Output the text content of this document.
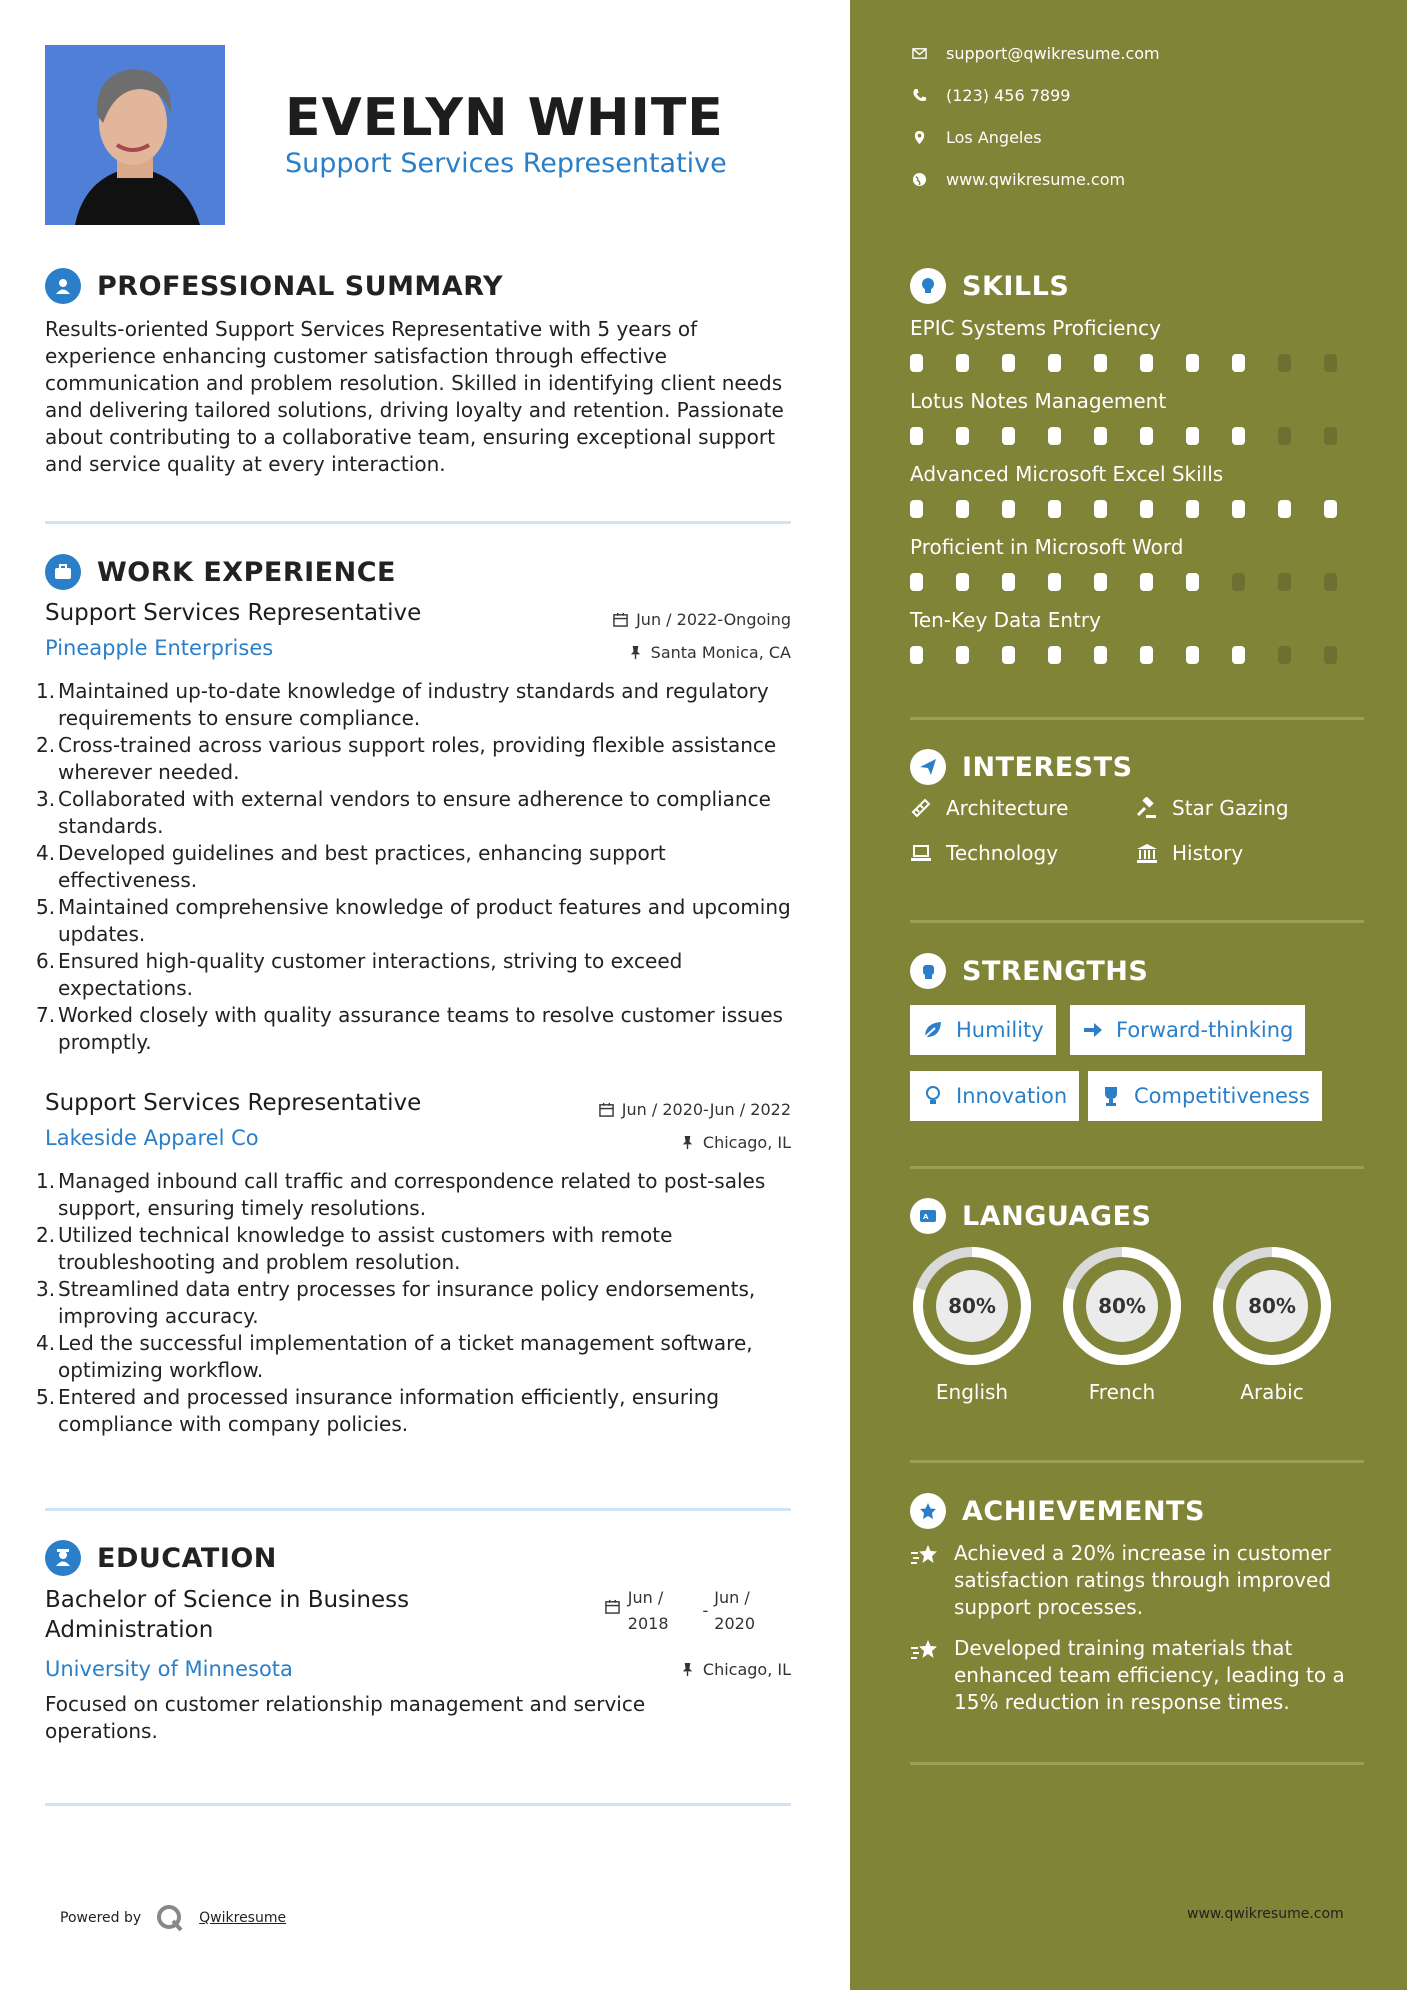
EVELYN WHITE
Support Services Representative
PROFESSIONAL SUMMARY
Results-oriented Support Services Representative with 5 years of experience enhancing customer satisfaction through effective communication and problem resolution. Skilled in identifying client needs and delivering tailored solutions, driving loyalty and retention. Passionate about contributing to a collaborative team, ensuring exceptional support and service quality at every interaction.
WORK EXPERIENCE
Support Services Representative	Jun / 2022-Ongoing
Pineapple Enterprises	Santa Monica, CA
1. Maintained up-to-date knowledge of industry standards and regulatory requirements to ensure compliance.
2. Cross-trained across various support roles, providing flexible assistance wherever needed.
3. Collaborated with external vendors to ensure adherence to compliance standards.
4. Developed guidelines and best practices, enhancing support effectiveness.
5. Maintained comprehensive knowledge of product features and upcoming updates.
6. Ensured high-quality customer interactions, striving to exceed expectations.
7. Worked closely with quality assurance teams to resolve customer issues promptly.
Support Services Representative	Jun / 2020-Jun / 2022
Lakeside Apparel Co	Chicago, IL
1. Managed inbound call traffic and correspondence related to post-sales support, ensuring timely resolutions.
2. Utilized technical knowledge to assist customers with remote troubleshooting and problem resolution.
3. Streamlined data entry processes for insurance policy endorsements, improving accuracy.
4. Led the successful implementation of a ticket management software, optimizing workflow.
5. Entered and processed insurance information efficiently, ensuring compliance with company policies.
EDUCATION
Bachelor of Science in Business Administration
Jun /
2018
-
Jun /
2020
University of Minnesota	Chicago, IL
Focused on customer relationship management and service operations.
Powered by	Qwikresume
support@qwikresume.com
(123) 456 7899
Los Angeles
www.qwikresume.com
SKILLS
EPIC Systems Proficiency
Lotus Notes Management
Advanced Microsoft Excel Skills
Proficient in Microsoft Word
Ten-Key Data Entry
INTERESTS
Architecture	Star Gazing
Technology	History
STRENGTHS
Humility	Forward-thinking
Innovation	Competitiveness
A LANGUAGES
80%
English
80%
French
80%
Arabic
ACHIEVEMENTS
Achieved a 20% increase in customer satisfaction ratings through improved support processes.
Developed training materials that enhanced team efficiency, leading to a 15% reduction in response times.
www.qwikresume.com
